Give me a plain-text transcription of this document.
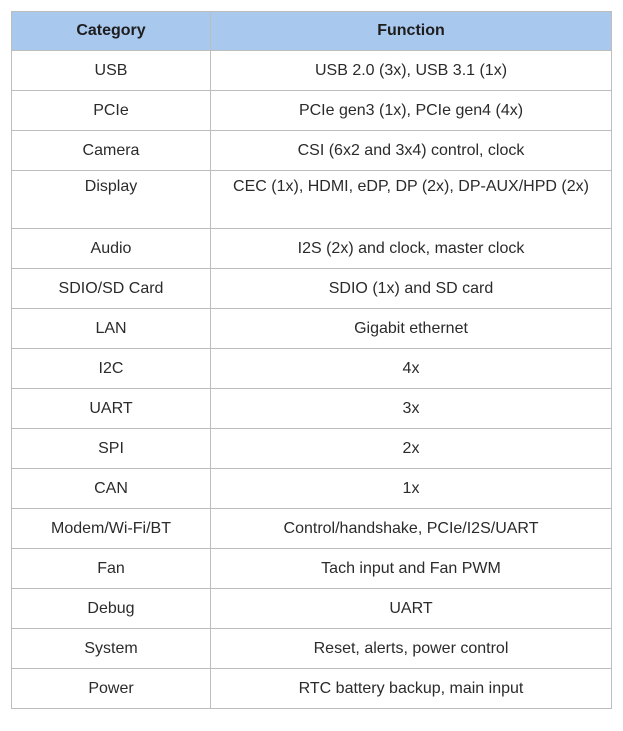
Category	Function
USB	USB 2.0 (3x), USB 3.1 (1x)
PCIe	PCIe gen3 (1x), PCIe gen4 (4x)
Camera	CSI (6x2 and 3x4) control, clock
Display	CEC (1x), HDMI, eDP, DP (2x), DP-AUX/HPD (2x)
Audio	I2S (2x) and clock, master clock
SDIO/SD Card	SDIO (1x) and SD card
LAN	Gigabit ethernet
I2C	4x
UART	3x
SPI	2x
CAN	1x
Modem/Wi-Fi/BT	Control/handshake, PCIe/I2S/UART
Fan	Tach input and Fan PWM
Debug	UART
System	Reset, alerts, power control
Power	RTC battery backup, main input
